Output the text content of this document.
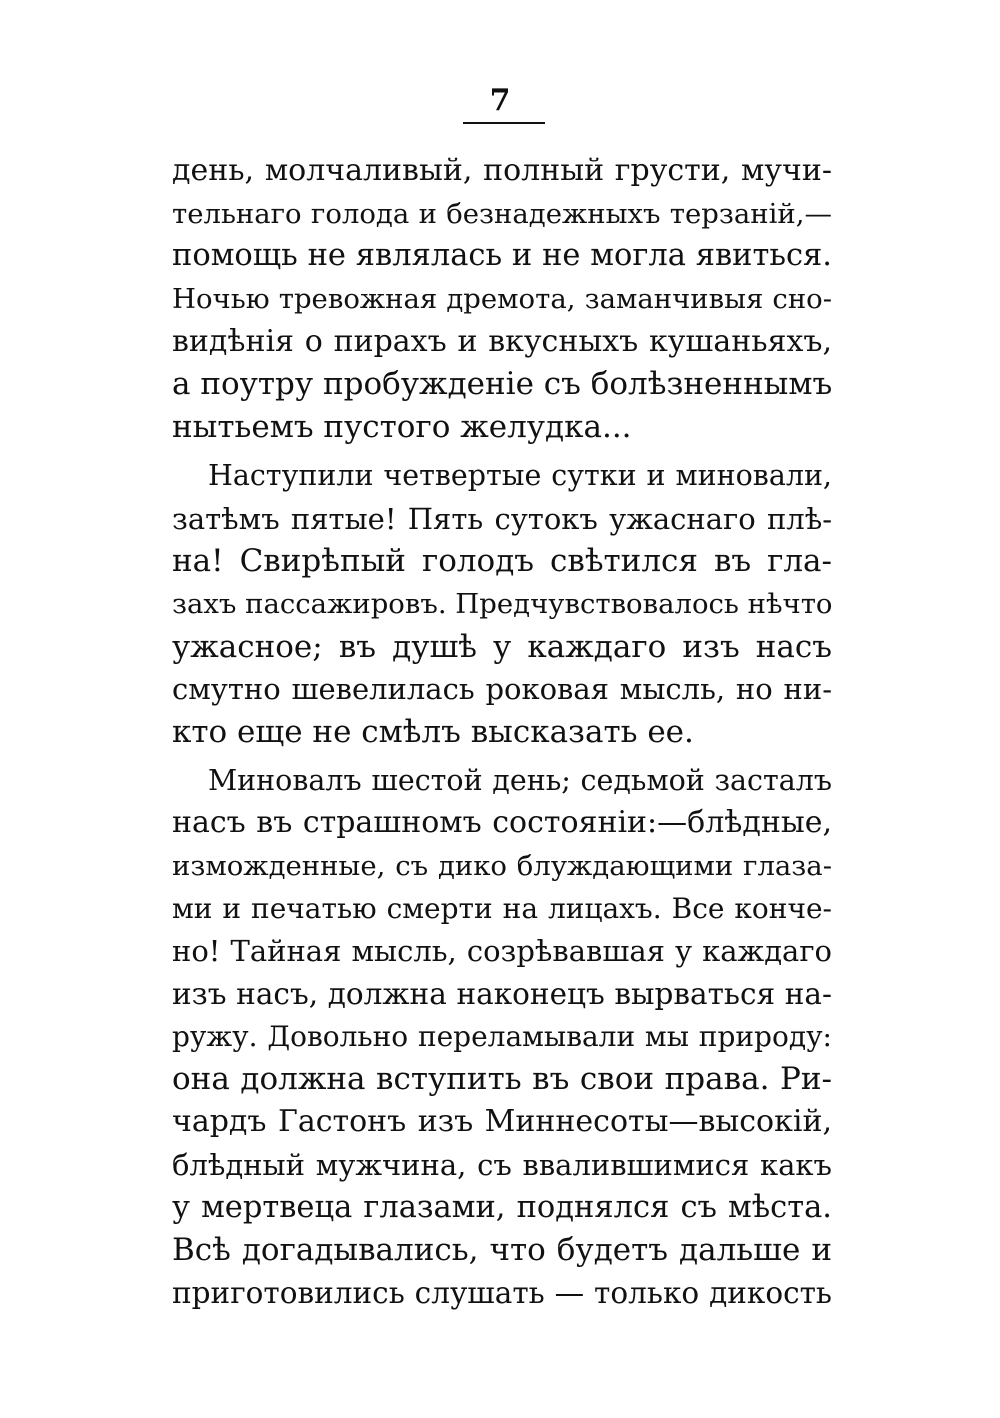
7
день, молчаливый, полный грусти, мучи-
тельнаго голода и безнадежныхъ терзаній,—
помощь не являлась и не могла явиться.
Ночью тревожная дремота, заманчивыя сно-
видѣнія о пирахъ и вкусныхъ кушаньяхъ,
а поутру пробужденіе съ болѣзненнымъ
нытьемъ пустого желудка...
Наступили четвертые сутки и миновали,
затѣмъ пятые! Пять сутокъ ужаснаго плѣ-
на! Свирѣпый голодъ свѣтился въ гла-
захъ пассажировъ. Предчувствовалось нѣчто
ужасное; въ душѣ у каждаго изъ насъ
смутно шевелилась роковая мысль, но ни-
кто еще не смѣлъ высказать ее.
Миновалъ шестой день; седьмой засталъ
насъ въ страшномъ состояніи:—блѣдные,
изможденные, съ дико блуждающими глаза-
ми и печатью смерти на лицахъ. Все конче-
но! Тайная мысль, созрѣвавшая у каждаго
изъ насъ, должна наконецъ вырваться на-
ружу. Довольно переламывали мы природу:
она должна вступить въ свои права. Ри-
чардъ Гастонъ изъ Миннесоты—высокій,
блѣдный мужчина, съ ввалившимися какъ
у мертвеца глазами, поднялся съ мѣста.
Всѣ догадывались, что будетъ дальше и
приготовились слушать — только дикость
